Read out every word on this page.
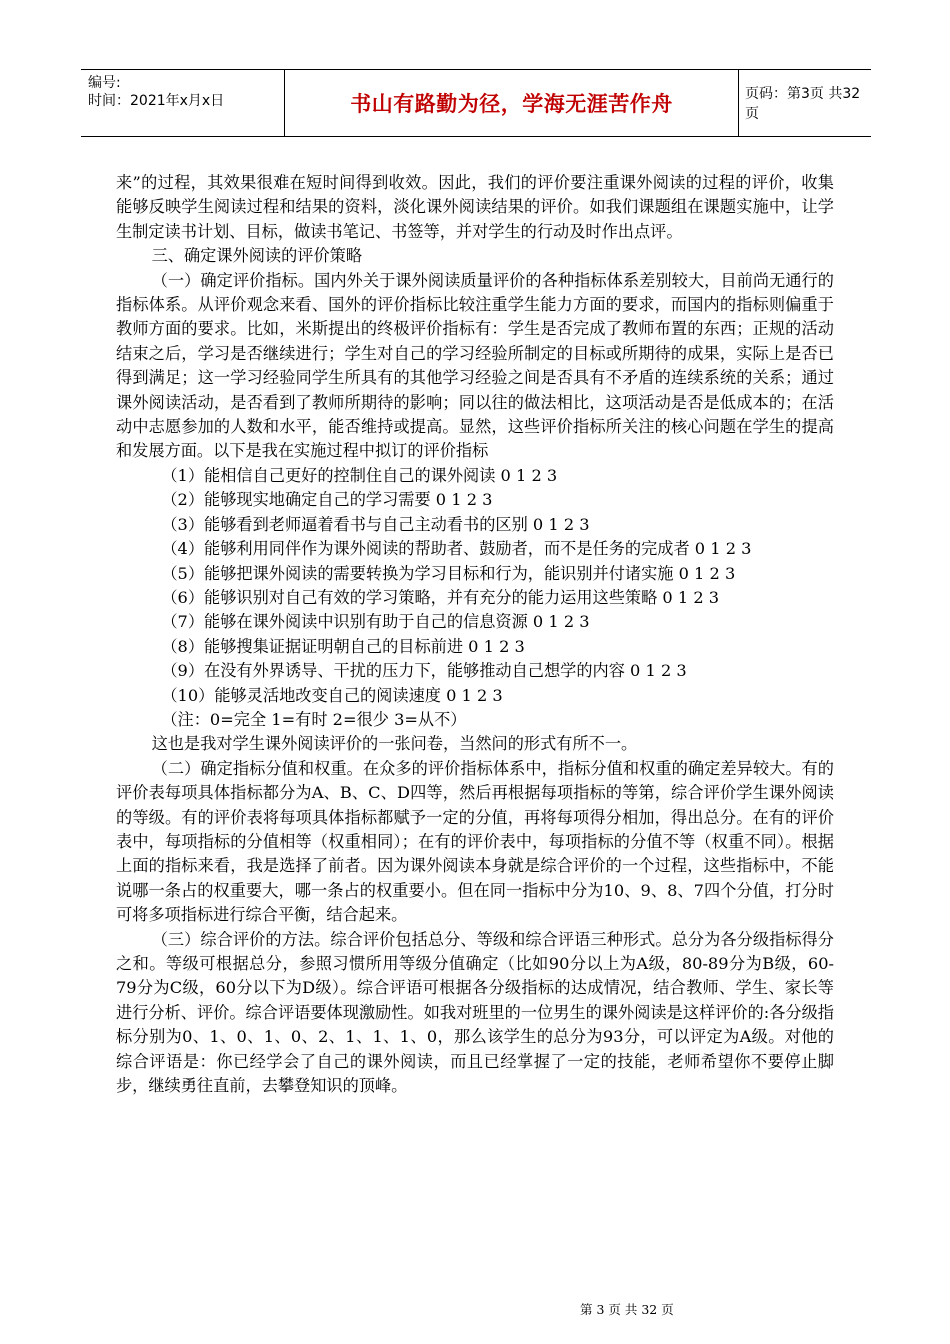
编号:
时间：2021年x月x日	书山有路勤为径，学海无涯苦作舟	页码：第3页 共32页

来”的过程，其效果很难在短时间得到收效。因此，我们的评价要注重课外阅读的过程的评价，收集能够反映学生阅读过程和结果的资料，淡化课外阅读结果的评价。如我们课题组在课题实施中，让学生制定读书计划、目标，做读书笔记、书签等，并对学生的行动及时作出点评。

三、确定课外阅读的评价策略

（一）确定评价指标。国内外关于课外阅读质量评价的各种指标体系差别较大，目前尚无通行的指标体系。从评价观念来看、国外的评价指标比较注重学生能力方面的要求，而国内的指标则偏重于教师方面的要求。比如，米斯提出的终极评价指标有：学生是否完成了教师布置的东西；正规的活动结束之后，学习是否继续进行；学生对自己的学习经验所制定的目标或所期待的成果，实际上是否已得到满足；这一学习经验同学生所具有的其他学习经验之间是否具有不矛盾的连续系统的关系；通过课外阅读活动，是否看到了教师所期待的影响；同以往的做法相比，这项活动是否是低成本的；在活动中志愿参加的人数和水平，能否维持或提高。显然，这些评价指标所关注的核心问题在学生的提高和发展方面。以下是我在实施过程中拟订的评价指标

（1）能相信自己更好的控制住自己的课外阅读 0 1 2 3

（2）能够现实地确定自己的学习需要 0 1 2 3

（3）能够看到老师逼着看书与自己主动看书的区别 0 1 2 3

（4）能够利用同伴作为课外阅读的帮助者、鼓励者，而不是任务的完成者 0 1 2 3

（5）能够把课外阅读的需要转换为学习目标和行为，能识别并付诸实施 0 1 2 3

（6）能够识别对自己有效的学习策略，并有充分的能力运用这些策略 0 1 2 3

（7）能够在课外阅读中识别有助于自己的信息资源 0 1 2 3

（8）能够搜集证据证明朝自己的目标前进 0 1 2 3

（9）在没有外界诱导、干扰的压力下，能够推动自己想学的内容 0 1 2 3

（10）能够灵活地改变自己的阅读速度 0 1 2 3

（注：0=完全 1=有时 2=很少 3=从不）

这也是我对学生课外阅读评价的一张问卷，当然问的形式有所不一。

（二）确定指标分值和权重。在众多的评价指标体系中，指标分值和权重的确定差异较大。有的评价表每项具体指标都分为A、B、C、D四等，然后再根据每项指标的等第，综合评价学生课外阅读的等级。有的评价表将每项具体指标都赋予一定的分值，再将每项得分相加，得出总分。在有的评价表中，每项指标的分值相等（权重相同）；在有的评价表中，每项指标的分值不等（权重不同）。根据上面的指标来看，我是选择了前者。因为课外阅读本身就是综合评价的一个过程，这些指标中，不能说哪一条占的权重要大，哪一条占的权重要小。但在同一指标中分为10、9、8、7四个分值，打分时可将多项指标进行综合平衡，结合起来。

（三）综合评价的方法。综合评价包括总分、等级和综合评语三种形式。总分为各分级指标得分之和。等级可根据总分，参照习惯所用等级分值确定（比如90分以上为A级，80-89分为B级，60-79分为C级，60分以下为D级）。综合评语可根据各分级指标的达成情况，结合教师、学生、家长等进行分析、评价。综合评语要体现激励性。如我对班里的一位男生的课外阅读是这样评价的:各分级指标分别为0、1、0、1、0、2、1、1、1、0，那么该学生的总分为93分，可以评定为A级。对他的综合评语是：你已经学会了自己的课外阅读，而且已经掌握了一定的技能，老师希望你不要停止脚步，继续勇往直前，去攀登知识的顶峰。

第 3 页 共 32 页
